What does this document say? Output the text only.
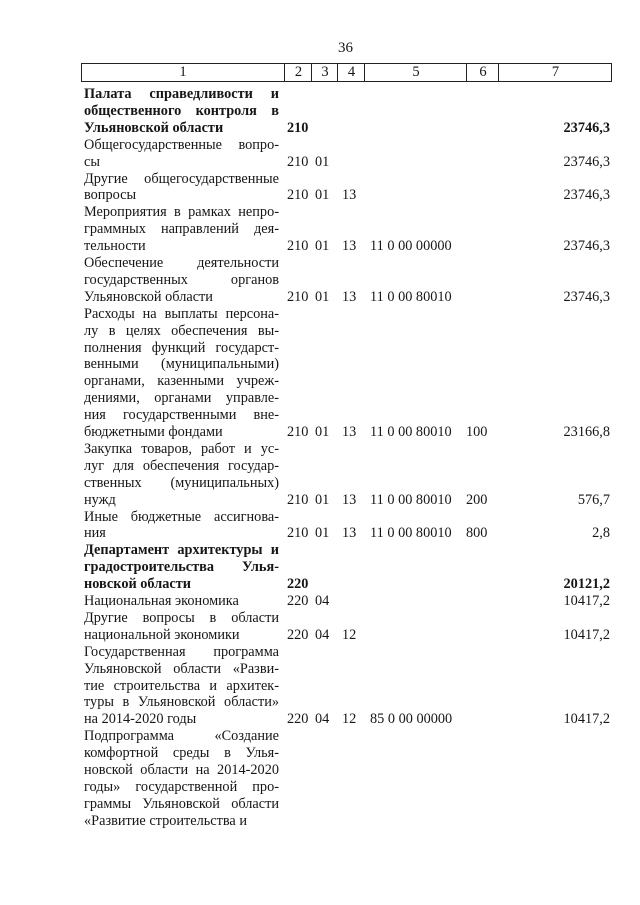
36
1	2	3	4	5	6	7
Палата справедливости и
общественного контроля в
Ульяновской области	210	23746,3
Общегосударственные вопро-
сы	210 01	23746,3
Другие общегосударственные
вопросы	210 01 13	23746,3
Мероприятия в рамках непро-
граммных направлений дея-
тельности	210 01 13 11 0 00 00000	23746,3
Обеспечение деятельности
государственных органов
Ульяновской области	210 01 13 11 0 00 80010	23746,3
Расходы на выплаты персона-
лу в целях обеспечения вы-
полнения функций государст-
венными (муниципальными)
органами, казенными учреж-
дениями, органами управле-
ния государственными вне-
бюджетными фондами	210 01 13 11 0 00 80010 100	23166,8
Закупка товаров, работ и ус-
луг для обеспечения государ-
ственных (муниципальных)
нужд	210 01 13 11 0 00 80010 200	576,7
Иные бюджетные ассигнова-
ния	210 01 13 11 0 00 80010 800	2,8
Департамент архитектуры и
градостроительства Улья-
новской области	220	20121,2
Национальная экономика	220 04	10417,2
Другие вопросы в области
национальной экономики	220 04 12	10417,2
Государственная программа
Ульяновской области «Разви-
тие строительства и архитек-
туры в Ульяновской области»
на 2014-2020 годы	220 04 12 85 0 00 00000	10417,2
Подпрограмма «Создание
комфортной среды в Улья-
новской области на 2014-2020
годы» государственной про-
граммы Ульяновской области
«Развитие строительства и
